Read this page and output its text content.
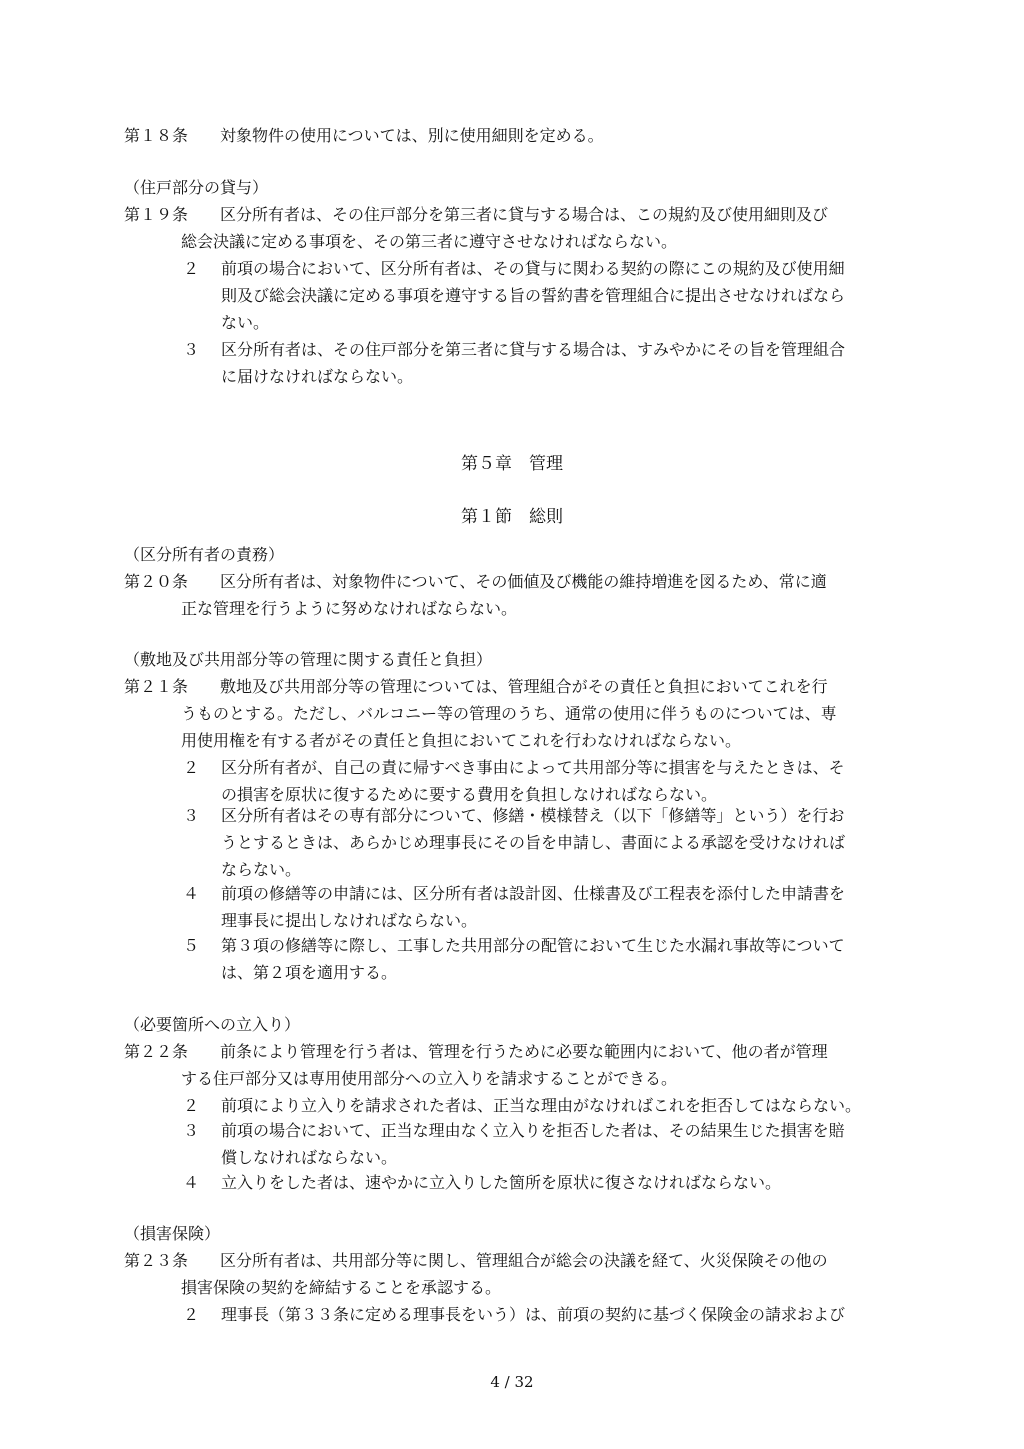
第１８条　　対象物件の使用については、別に使用細則を定める。
（住戸部分の貸与）
第１９条　　区分所有者は、その住戸部分を第三者に貸与する場合は、この規約及び使用細則及び
総会決議に定める事項を、その第三者に遵守させなければならない。
２ 前項の場合において、区分所有者は、その貸与に関わる契約の際にこの規約及び使用細
則及び総会決議に定める事項を遵守する旨の誓約書を管理組合に提出させなければなら
ない。
３ 区分所有者は、その住戸部分を第三者に貸与する場合は、すみやかにその旨を管理組合
に届けなければならない。
第５章　管理
第１節　総則
（区分所有者の責務）
第２０条　　区分所有者は、対象物件について、その価値及び機能の維持増進を図るため、常に適
正な管理を行うように努めなければならない。
（敷地及び共用部分等の管理に関する責任と負担）
第２１条　　敷地及び共用部分等の管理については、管理組合がその責任と負担においてこれを行
うものとする。ただし、バルコニー等の管理のうち、通常の使用に伴うものについては、専
用使用権を有する者がその責任と負担においてこれを行わなければならない。
２ 区分所有者が、自己の責に帰すべき事由によって共用部分等に損害を与えたときは、そ
の損害を原状に復するために要する費用を負担しなければならない。
３ 区分所有者はその専有部分について、修繕・模様替え（以下「修繕等」という）を行お
うとするときは、あらかじめ理事長にその旨を申請し、書面による承認を受けなければ
ならない。
４ 前項の修繕等の申請には、区分所有者は設計図、仕様書及び工程表を添付した申請書を
理事長に提出しなければならない。
５ 第３項の修繕等に際し、工事した共用部分の配管において生じた水漏れ事故等について
は、第２項を適用する。
（必要箇所への立入り）
第２２条　　前条により管理を行う者は、管理を行うために必要な範囲内において、他の者が管理
する住戸部分又は専用使用部分への立入りを請求することができる。
２ 前項により立入りを請求された者は、正当な理由がなければこれを拒否してはならない。
３ 前項の場合において、正当な理由なく立入りを拒否した者は、その結果生じた損害を賠
償しなければならない。
４ 立入りをした者は、速やかに立入りした箇所を原状に復さなければならない。
（損害保険）
第２３条　　区分所有者は、共用部分等に関し、管理組合が総会の決議を経て、火災保険その他の
損害保険の契約を締結することを承認する。
２ 理事長（第３３条に定める理事長をいう）は、前項の契約に基づく保険金の請求および
4 / 32
